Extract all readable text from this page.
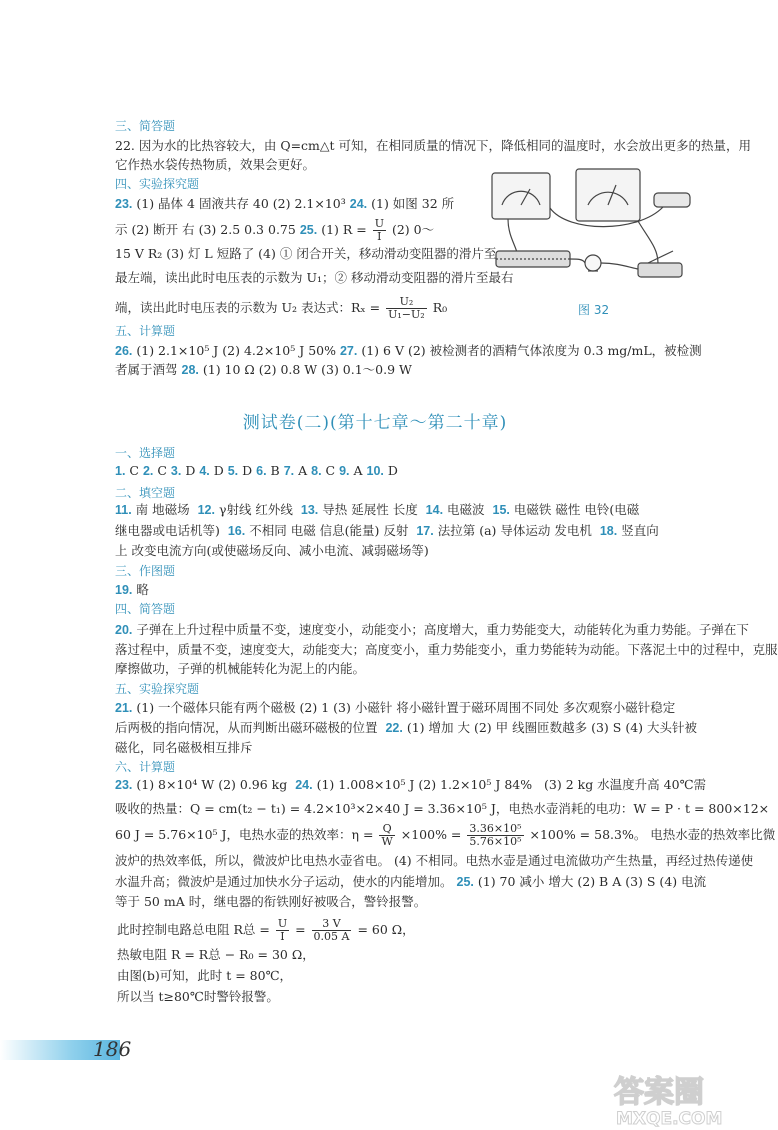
三、简答题
22. 因为水的比热容较大，由 Q=cm△t 可知，在相同质量的情况下，降低相同的温度时，水会放出更多的热量，用
它作热水袋传热物质，效果会更好。
四、实验探究题
23. (1) 晶体 4 固液共存 40 (2) 2.1×10³ 24. (1) 如图 32 所
示 (2) 断开 右 (3) 2.5 0.3 0.75 25. (1) $R = \frac{U}{I} (2)$ 0～
15 V R₂ (3) 灯 L 短路了 (4) ① 闭合开关，移动滑动变阻器的滑片至
最左端，读出此时电压表的示数为 U₁；② 移动滑动变阻器的滑片至最右
端，读出此时电压表的示数为 U₂ 表达式：$R_x = \frac{\text{U₂}}{\text{U₁−U₂}} R_0$	图 32
五、计算题
26. (1) 2.1×10⁵ J (2) 4.2×10⁵ J 50% 27. (1) 6 V (2) 被检测者的酒精气体浓度为 0.3 mg/mL，被检测
者属于酒驾 28. (1) 10 Ω (2) 0.8 W (3) 0.1～0.9 W
测试卷(二)(第十七章～第二十章)
一、选择题
1. C 2. C 3. D 4. D 5. D 6. B 7. A 8. C 9. A 10. D
二、填空题
11. 南 地磁场 12. γ射线 红外线 13. 导热 延展性 长度 14. 电磁波 15. 电磁铁 磁性 电铃(电磁
继电器或电话机等) 16. 不相同 电磁 信息(能量) 反射 17. 法拉第 (a) 导体运动 发电机 18. 竖直向
上 改变电流方向(或使磁场反向、减小电流、减弱磁场等)
三、作图题
19. 略
四、简答题
20. 子弹在上升过程中质量不变，速度变小，动能变小；高度增大，重力势能变大，动能转化为重力势能。子弹在下
落过程中，质量不变，速度变大，动能变大；高度变小，重力势能变小，重力势能转为动能。下落泥土中的过程中，克服
摩擦做功，子弹的机械能转化为泥上的内能。
五、实验探究题
21. (1) 一个磁体只能有两个磁极 (2) 1 (3) 小磁针 将小磁针置于磁环周围不同处 多次观察小磁针稳定
后两极的指向情况，从而判断出磁环磁极的位置 22. (1) 增加 大 (2) 甲 线圈匝数越多 (3) S (4) 大头针被
磁化，同名磁极相互排斥
六、计算题
23. (1) 8×10⁴ W (2) 0.96 kg 24. (1) 1.008×10⁵ J (2) 1.2×10⁵ J 84% (3) 2 kg 水温度升高 40℃需
吸收的热量：Q = cm(t₂ − t₁) = 4.2×10³×2×40 J = 3.36×10⁵ J，电热水壶消耗的电功：W = P · t = 800×12×
60 J = 5.76×10⁵ J，电热水壶的热效率：$\eta = \frac{Q}{W} \times 100\% = \frac{\text{3.36×10⁵}}{\text{5.76×10⁵}} \times 100\% = 58.3\%$。 电热水壶的热效率比微
波炉的热效率低，所以，微波炉比电热水壶省电。 (4) 不相同。电热水壶是通过电流做功产生热量，再经过热传递使
水温升高；微波炉是通过加快水分子运动，使水的内能增加。 25. (1) 70 减小 增大 (2) B A (3) S (4) 电流
等于 50 mA 时，继电器的衔铁刚好被吸合，警铃报警。
此时控制电路总电阻 R总 = $\frac{U}{I} = \frac{3 V}{0.05 A} = 60$ Ω，
热敏电阻 R = R总 − R₀ = 30 Ω，
由图(b)可知，此时 t = 80℃，
所以当 t≥80℃时警铃报警。
186
答案圈
MXQE.COM
